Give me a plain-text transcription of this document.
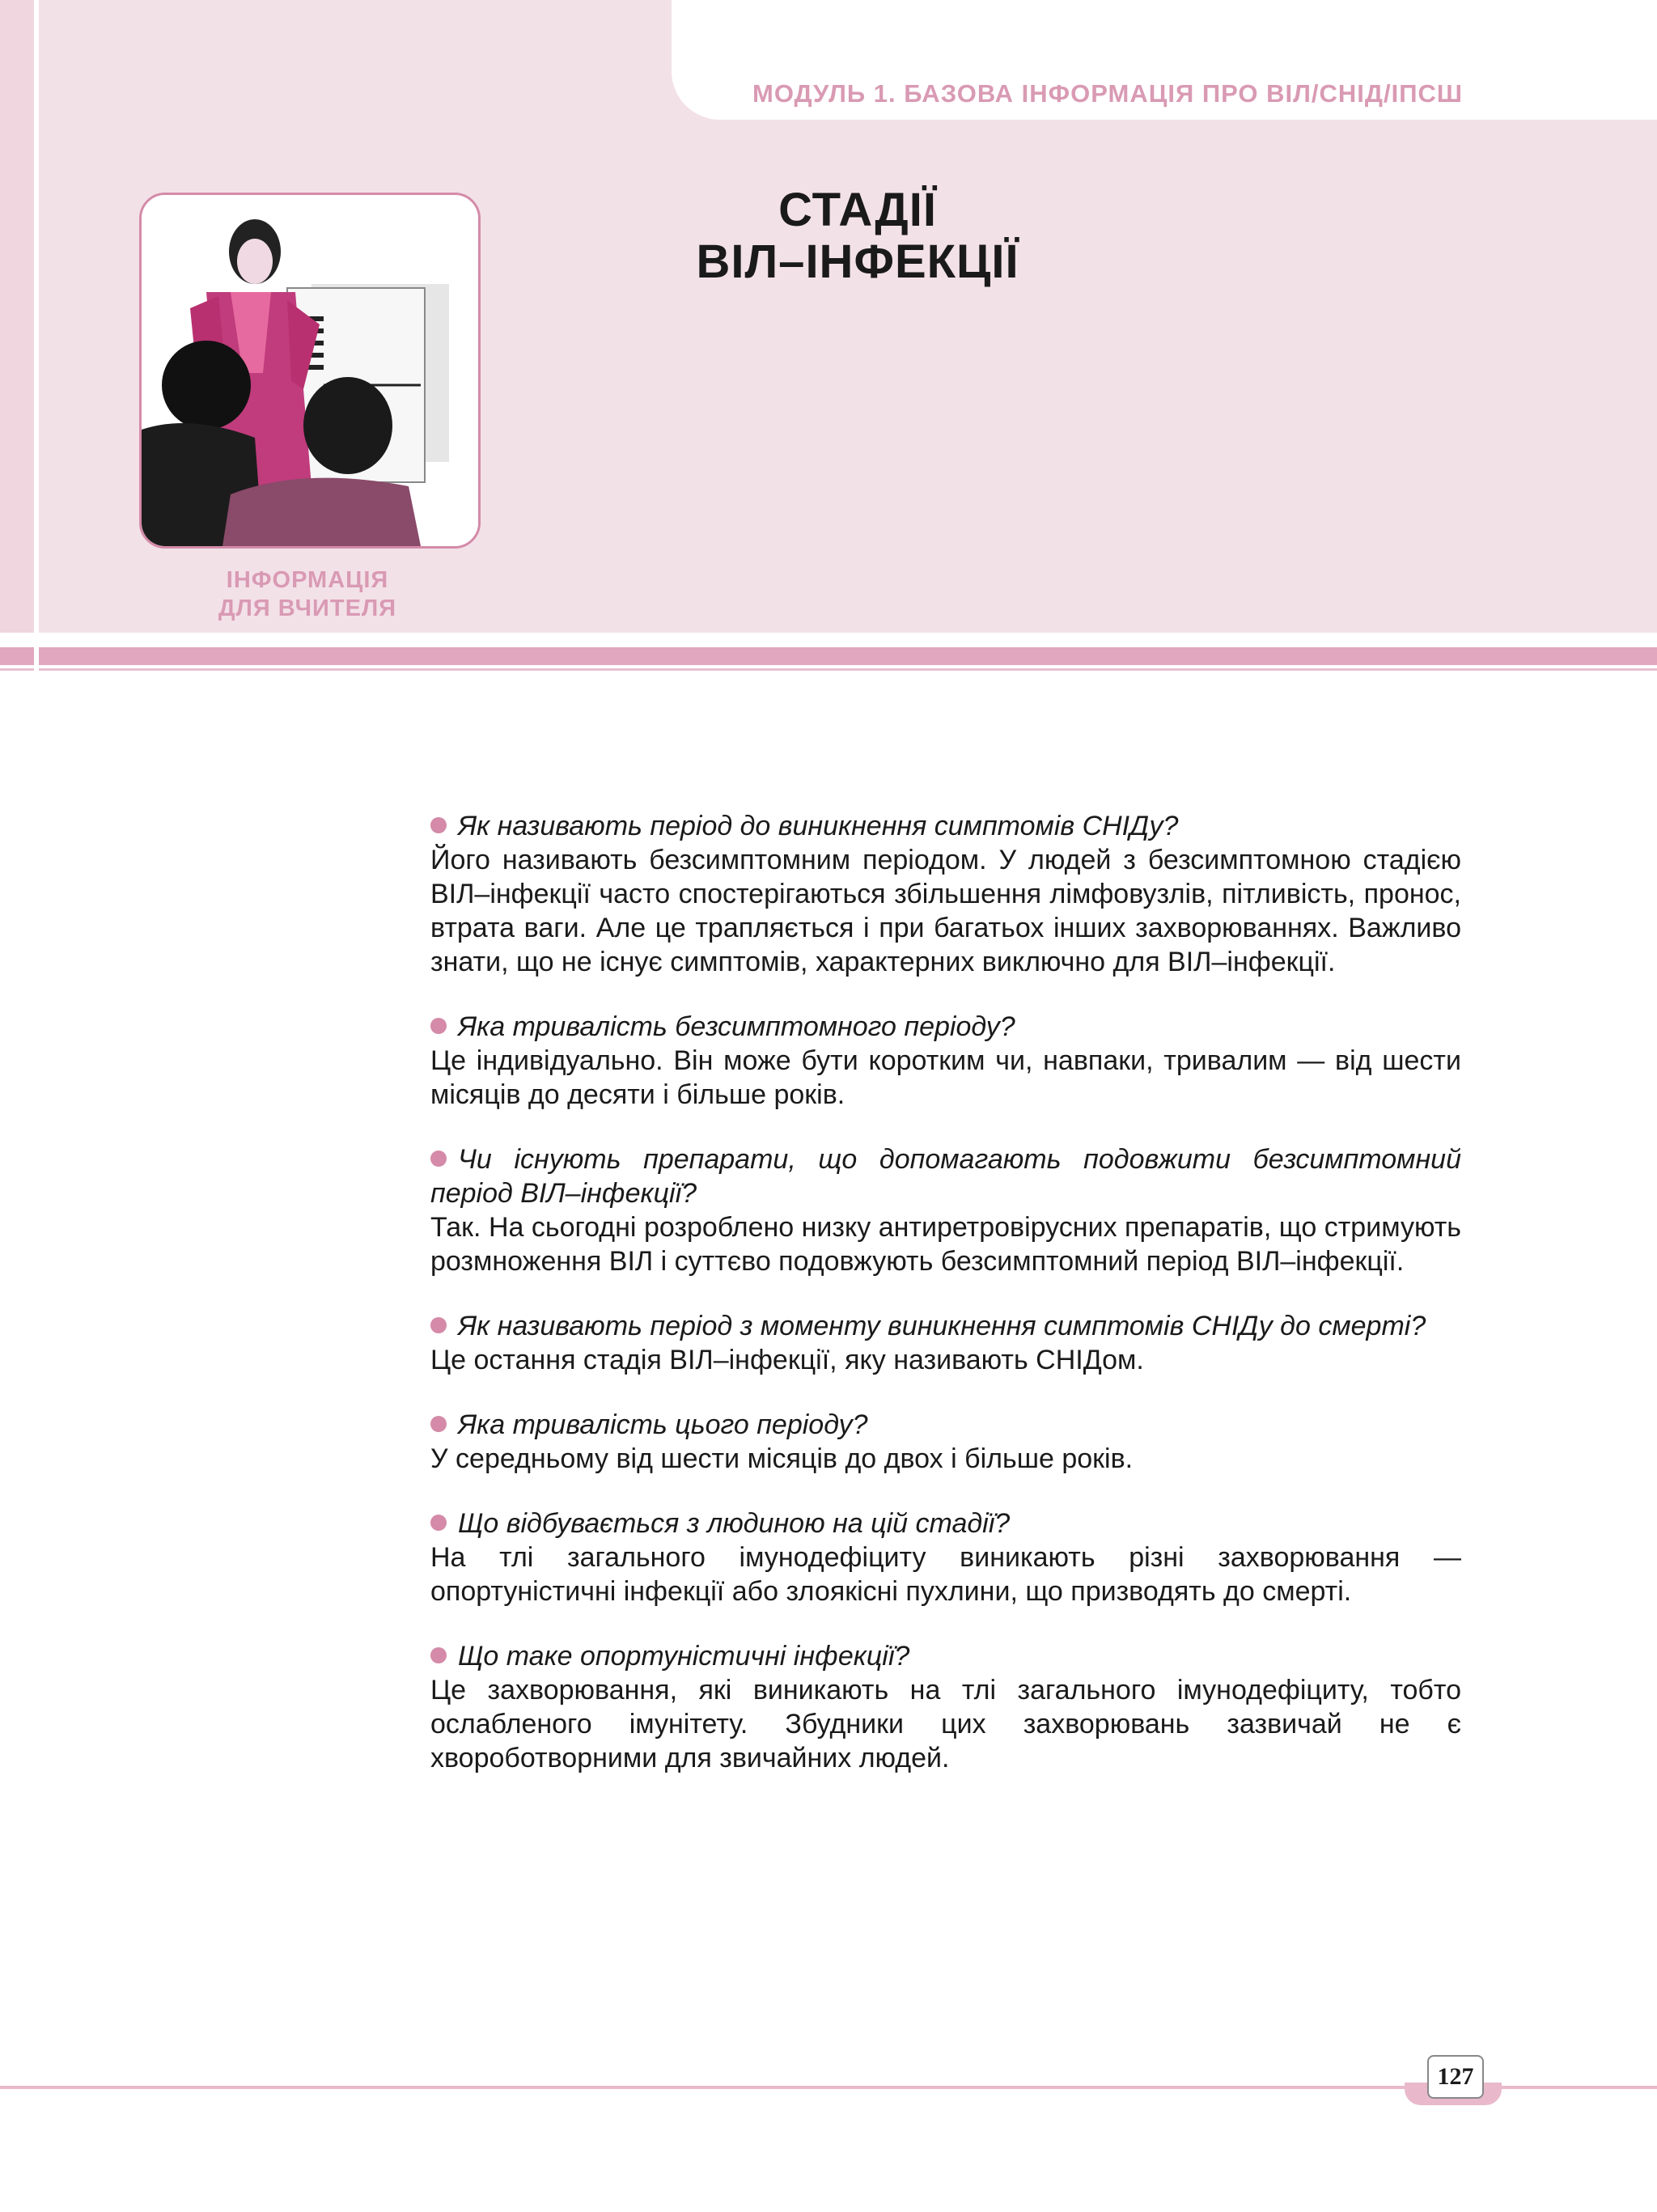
МОДУЛЬ 1. БАЗОВА ІНФОРМАЦІЯ ПРО ВІЛ/СНІД/ІПСШ
СТАДІЇ
ВІЛ–ІНФЕКЦІЇ
ІНФОРМАЦІЯ
ДЛЯ ВЧИТЕЛЯ
Як називають період до виникнення симптомів СНІДу?
Його називають безсимптомним періодом. У людей з безсимптомною стадією ВІЛ–інфекції часто спостерігаються збільшення лімфовузлів, пітливість, пронос, втрата ваги. Але це трапляється і при багатьох інших захворюваннях. Важливо знати, що не існує симптомів, характерних виключно для ВІЛ–інфекції.
Яка тривалість безсимптомного періоду?
Це індивідуально. Він може бути коротким чи, навпаки, тривалим — від шести місяців до десяти і більше років.
Чи існують препарати, що допомагають подовжити безсимптомний період ВІЛ–інфекції?
Так. На сьогодні розроблено низку антиретровірусних препаратів, що стримують розмноження ВІЛ і суттєво подовжують безсимптомний період ВІЛ–інфекції.
Як називають період з моменту виникнення симптомів СНІДу до смерті?
Це остання стадія ВІЛ–інфекції, яку називають СНІДом.
Яка тривалість цього періоду?
У середньому від шести місяців до двох і більше років.
Що відбувається з людиною на цій стадії?
На тлі загального імунодефіциту виникають різні захворювання — опортуністичні інфекції або злоякісні пухлини, що призводять до смерті.
Що таке опортуністичні інфекції?
Це захворювання, які виникають на тлі загального імунодефіциту, тобто ослабленого імунітету. Збудники цих захворювань зазвичай не є хвороботворними для звичайних людей.
127
